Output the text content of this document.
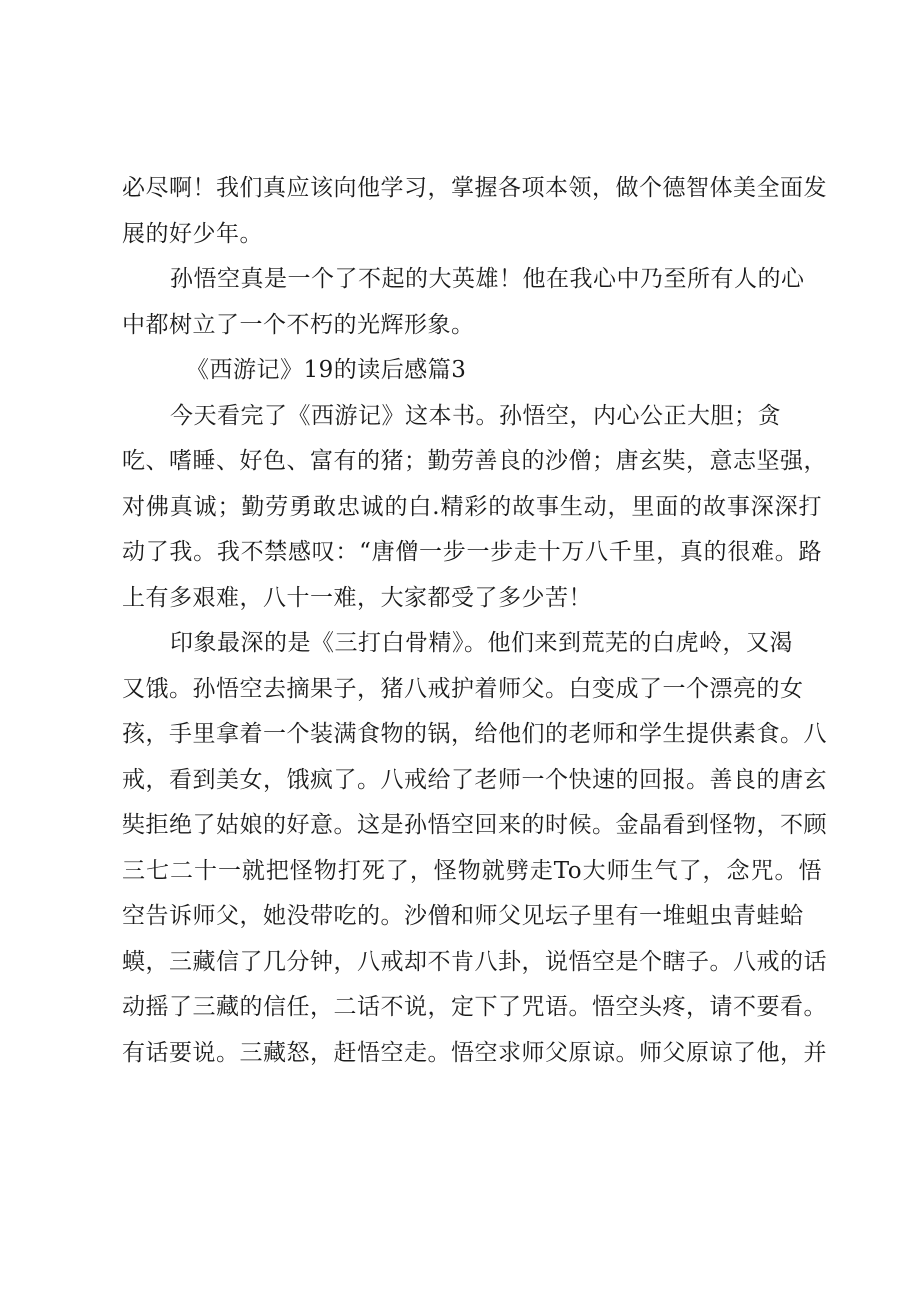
必尽啊！我们真应该向他学习，掌握各项本领，做个德智体美全面发
展的好少年。
孙悟空真是一个了不起的大英雄！他在我心中乃至所有人的心
中都树立了一个不朽的光辉形象。
《西游记》19的读后感篇3
今天看完了《西游记》这本书。孙悟空，内心公正大胆；贪
吃、嗜睡、好色、富有的猪；勤劳善良的沙僧；唐玄奘，意志坚强，
对佛真诚；勤劳勇敢忠诚的白.精彩的故事生动，里面的故事深深打
动了我。我不禁感叹：“唐僧一步一步走十万八千里，真的很难。路
上有多艰难，八十一难，大家都受了多少苦！
印象最深的是《三打白骨精》。他们来到荒芜的白虎岭，又渴
又饿。孙悟空去摘果子，猪八戒护着师父。白变成了一个漂亮的女
孩，手里拿着一个装满食物的锅，给他们的老师和学生提供素食。八
戒，看到美女，饿疯了。八戒给了老师一个快速的回报。善良的唐玄
奘拒绝了姑娘的好意。这是孙悟空回来的时候。金晶看到怪物，不顾
三七二十一就把怪物打死了，怪物就劈走To大师生气了，念咒。悟
空告诉师父，她没带吃的。沙僧和师父见坛子里有一堆蛆虫青蛙蛤
蟆，三藏信了几分钟，八戒却不肯八卦，说悟空是个瞎子。八戒的话
动摇了三藏的信任，二话不说，定下了咒语。悟空头疼，请不要看。
有话要说。三藏怒，赶悟空走。悟空求师父原谅。师父原谅了他，并
